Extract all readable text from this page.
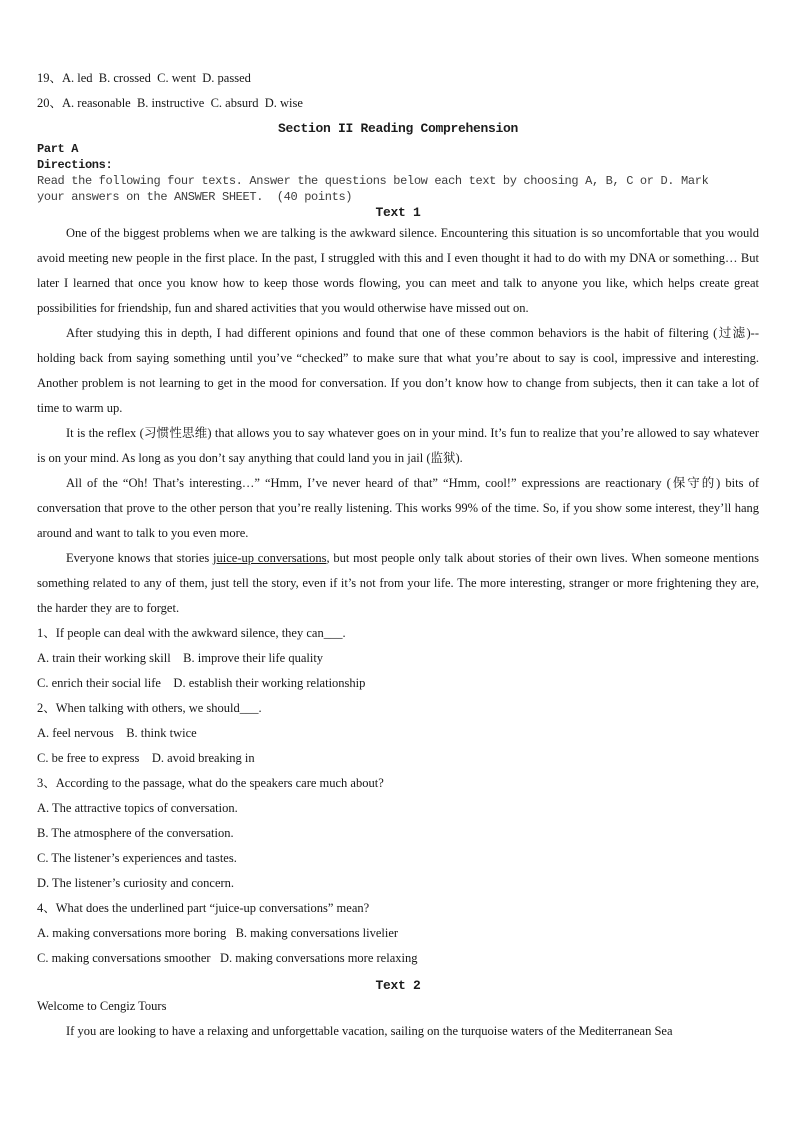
19、A. led  B. crossed  C. went  D. passed
20、A. reasonable  B. instructive  C. absurd  D. wise
Section II Reading Comprehension
Part A
Directions:
Read the following four texts. Answer the questions below each text by choosing A, B, C or D. Mark
your answers on the ANSWER SHEET.  (40 points)
Text 1

One of the biggest problems when we are talking is the awkward silence. Encountering this situation is so uncomfortable that you would avoid meeting new people in the first place. In the past, I struggled with this and I even thought it had to do with my DNA or something… But later I learned that once you know how to keep those words flowing, you can meet and talk to anyone you like, which helps create great possibilities for friendship, fun and shared activities that you would otherwise have missed out on.

After studying this in depth, I had different opinions and found that one of these common behaviors is the habit of filtering (过滤)--holding back from saying something until you’ve “checked” to make sure that what you’re about to say is cool, impressive and interesting. Another problem is not learning to get in the mood for conversation. If you don’t know how to change from subjects, then it can take a lot of time to warm up.

It is the reflex (习惯性思维) that allows you to say whatever goes on in your mind. It’s fun to realize that you’re allowed to say whatever is on your mind. As long as you don’t say anything that could land you in jail (监狱).

All of the “Oh! That’s interesting…” “Hmm, I’ve never heard of that” “Hmm, cool!” expressions are reactionary (保守的) bits of conversation that prove to the other person that you’re really listening. This works 99% of the time. So, if you show some interest, they’ll hang around and want to talk to you even more.

Everyone knows that stories juice-up conversations, but most people only talk about stories of their own lives. When someone mentions something related to any of them, just tell the story, even if it’s not from your life. The more interesting, stranger or more frightening they are, the harder they are to forget.

1、If people can deal with the awkward silence, they can___.
A. train their working skill    B. improve their life quality
C. enrich their social life    D. establish their working relationship
2、When talking with others, we should___.
A. feel nervous    B. think twice
C. be free to express    D. avoid breaking in
3、According to the passage, what do the speakers care much about?
A. The attractive topics of conversation.
B. The atmosphere of the conversation.
C. The listener’s experiences and tastes.
D. The listener’s curiosity and concern.
4、What does the underlined part “juice-up conversations” mean?
A. making conversations more boring   B. making conversations livelier
C. making conversations smoother   D. making conversations more relaxing
Text 2
Welcome to Cengiz Tours

If you are looking to have a relaxing and unforgettable vacation, sailing on the turquoise waters of the Mediterranean Sea
